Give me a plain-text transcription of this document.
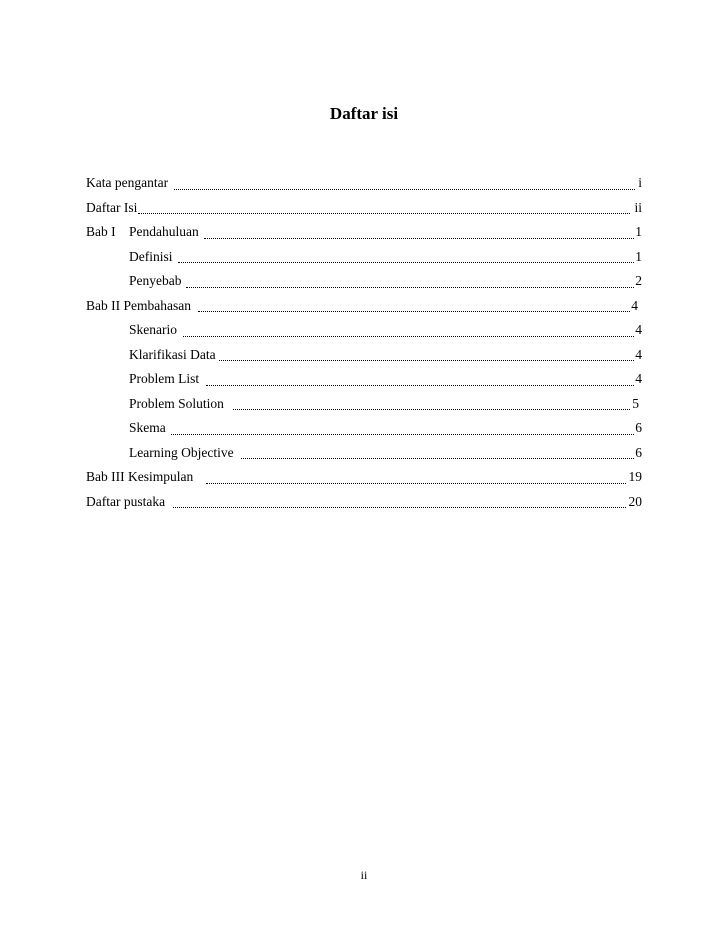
Daftar isi
Kata pengantar	i
Daftar Isi	ii
Bab I Pendahuluan	1
Definisi	1
Penyebab	2
Bab II Pembahasan	4
Skenario	4
Klarifikasi Data	4
Problem List	4
Problem Solution	5
Skema	6
Learning Objective	6
Bab III Kesimpulan	19
Daftar pustaka	20
ii
